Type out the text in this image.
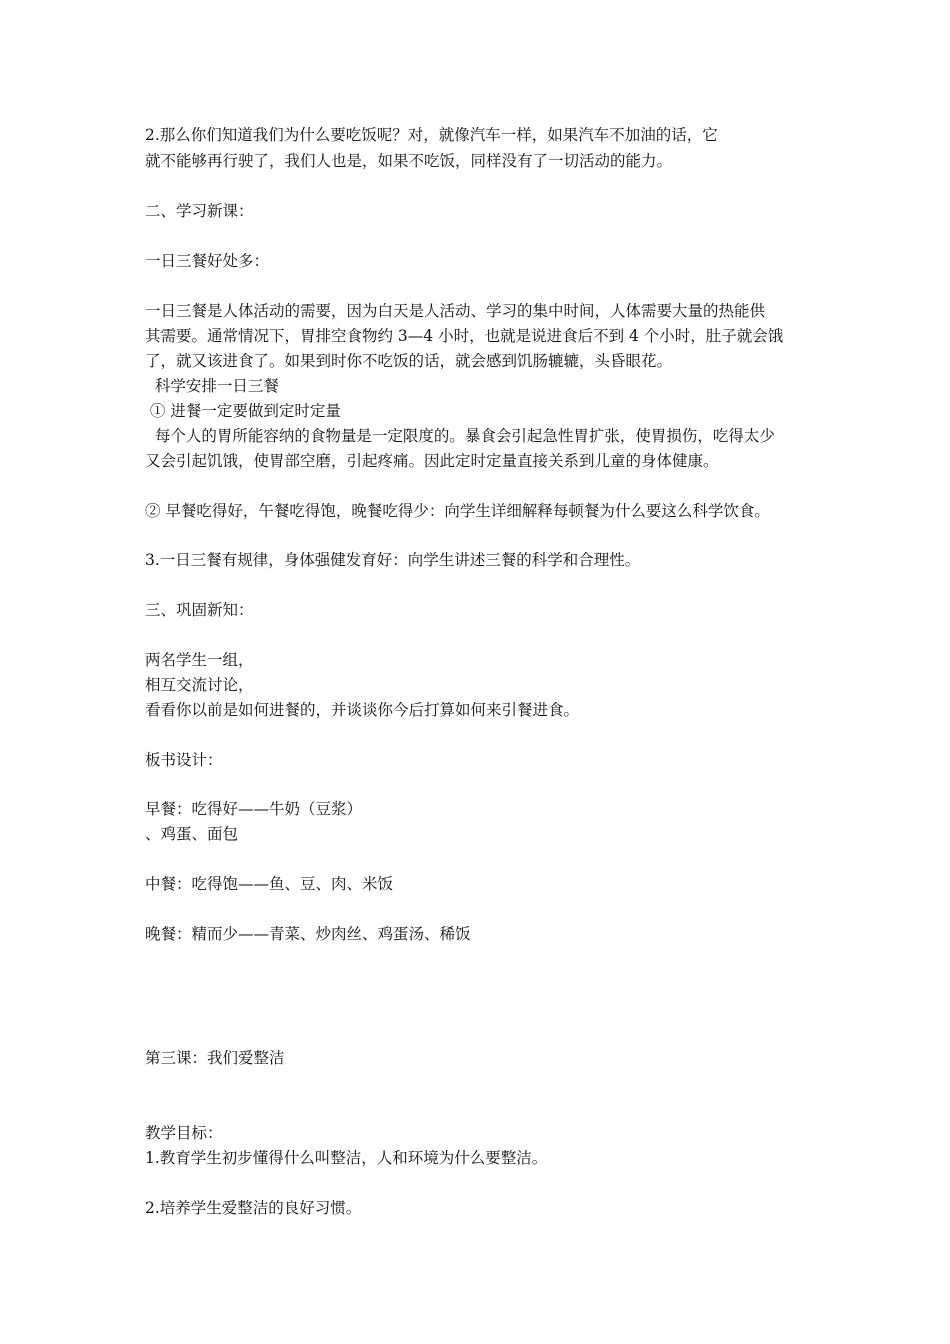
2.那么你们知道我们为什么要吃饭呢？对，就像汽车一样，如果汽车不加油的话，它
就不能够再行驶了，我们人也是，如果不吃饭，同样没有了一切活动的能力。
二、学习新课：
一日三餐好处多：
一日三餐是人体活动的需要，因为白天是人活动、学习的集中时间，人体需要大量的热能供
其需要。通常情况下，胃排空食物约 3—4 小时，也就是说进食后不到 4 个小时，肚子就会饿
了，就又该进食了。如果到时你不吃饭的话，就会感到饥肠辘辘，头昏眼花。
科学安排一日三餐
① 进餐一定要做到定时定量
每个人的胃所能容纳的食物量是一定限度的。暴食会引起急性胃扩张，使胃损伤，吃得太少
又会引起饥饿，使胃部空磨，引起疼痛。因此定时定量直接关系到儿童的身体健康。
② 早餐吃得好，午餐吃得饱，晚餐吃得少：向学生详细解释每顿餐为什么要这么科学饮食。
3.一日三餐有规律，身体强健发育好：向学生讲述三餐的科学和合理性。
三、巩固新知：
两名学生一组，
相互交流讨论，
看看你以前是如何进餐的，并谈谈你今后打算如何来引餐进食。
板书设计：
早餐：吃得好——牛奶（豆浆）
、鸡蛋、面包
中餐：吃得饱——鱼、豆、肉、米饭
晚餐：精而少——青菜、炒肉丝、鸡蛋汤、稀饭
第三课：我们爱整洁
教学目标：
1.教育学生初步懂得什么叫整洁，人和环境为什么要整洁。
2.培养学生爱整洁的良好习惯。
